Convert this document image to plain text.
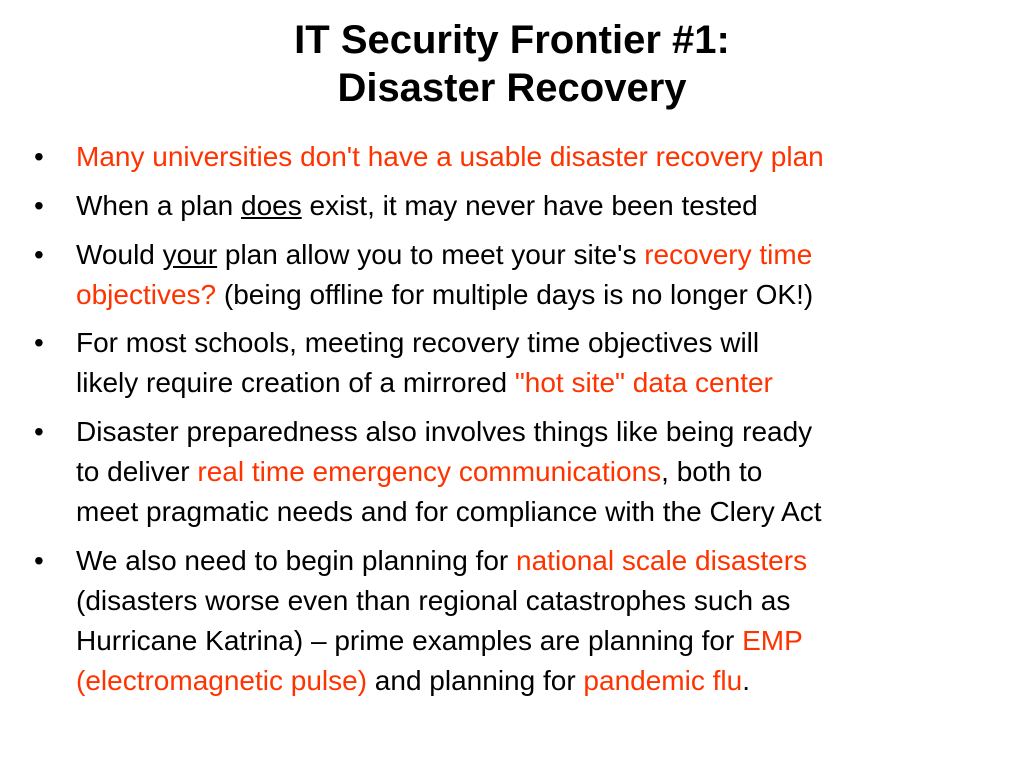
IT Security Frontier #1:
Disaster Recovery
•	Many universities don't have a usable disaster recovery plan
•	When a plan does exist, it may never have been tested
•	Would your plan allow you to meet your site's recovery time
objectives? (being offline for multiple days is no longer OK!)
•	For most schools, meeting recovery time objectives will
likely require creation of a mirrored "hot site" data center
•	Disaster preparedness also involves things like being ready
to deliver real time emergency communications, both to
meet pragmatic needs and for compliance with the Clery Act
•	We also need to begin planning for national scale disasters
(disasters worse even than regional catastrophes such as
Hurricane Katrina) – prime examples are planning for EMP
(electromagnetic pulse) and planning for pandemic flu.
